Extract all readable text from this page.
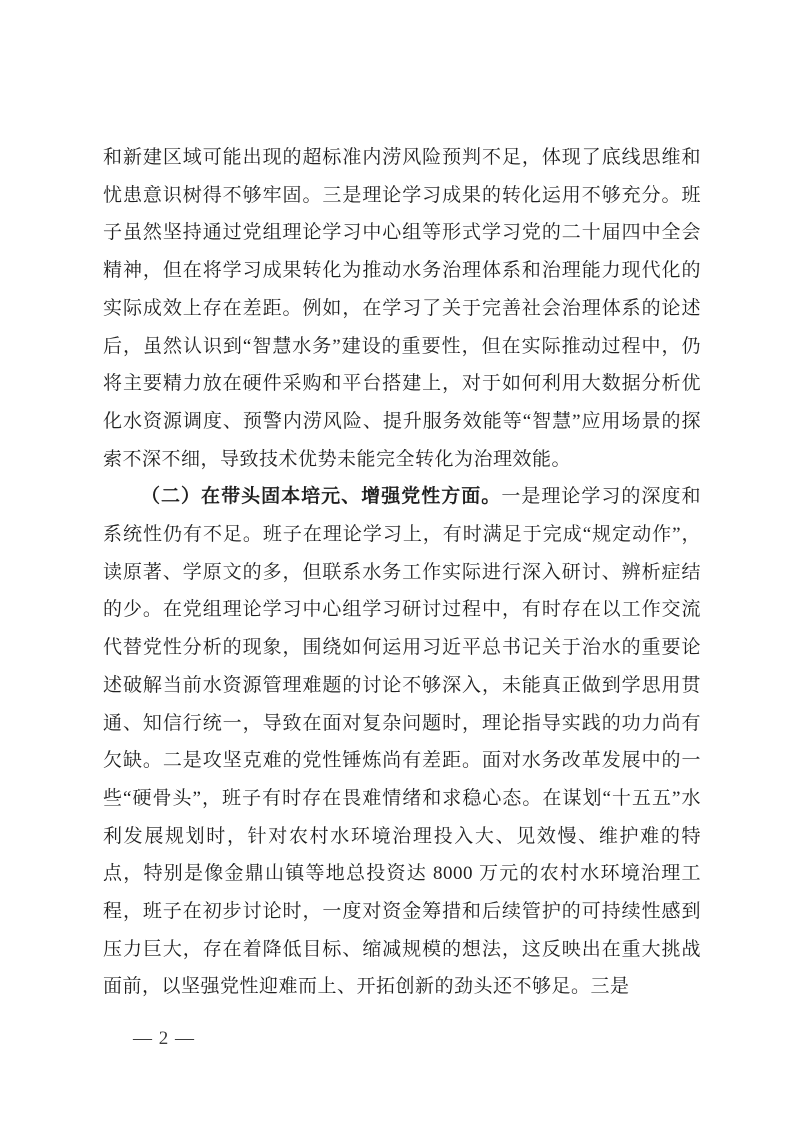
和新建区域可能出现的超标准内涝风险预判不足，体现了底线思维和忧患意识树得不够牢固。三是理论学习成果的转化运用不够充分。班子虽然坚持通过党组理论学习中心组等形式学习党的二十届四中全会精神，但在将学习成果转化为推动水务治理体系和治理能力现代化的实际成效上存在差距。例如，在学习了关于完善社会治理体系的论述后，虽然认识到“智慧水务”建设的重要性，但在实际推动过程中，仍将主要精力放在硬件采购和平台搭建上，对于如何利用大数据分析优化水资源调度、预警内涝风险、提升服务效能等“智慧”应用场景的探索不深不细，导致技术优势未能完全转化为治理效能。

（二）在带头固本培元、增强党性方面。一是理论学习的深度和系统性仍有不足。班子在理论学习上，有时满足于完成“规定动作”，读原著、学原文的多，但联系水务工作实际进行深入研讨、辨析症结的少。在党组理论学习中心组学习研讨过程中，有时存在以工作交流代替党性分析的现象，围绕如何运用习近平总书记关于治水的重要论述破解当前水资源管理难题的讨论不够深入，未能真正做到学思用贯通、知信行统一，导致在面对复杂问题时，理论指导实践的功力尚有欠缺。二是攻坚克难的党性锤炼尚有差距。面对水务改革发展中的一些“硬骨头”，班子有时存在畏难情绪和求稳心态。在谋划“十五五”水利发展规划时，针对农村水环境治理投入大、见效慢、维护难的特点，特别是像金鼎山镇等地总投资达 8000 万元的农村水环境治理工程，班子在初步讨论时，一度对资金筹措和后续管护的可持续性感到压力巨大，存在着降低目标、缩减规模的想法，这反映出在重大挑战面前，以坚强党性迎难而上、开拓创新的劲头还不够足。三是

— 2 —
